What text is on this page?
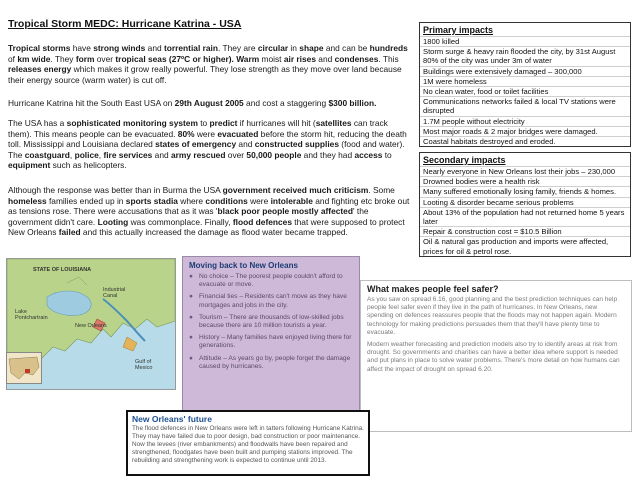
Tropical Storm MEDC: Hurricane Katrina - USA
Tropical storms have strong winds and torrential rain. They are circular in shape and can be hundreds of km wide. They form over tropical seas (27ºC or higher). Warm moist air rises and condenses. This releases energy which makes it grow really powerful. They lose strength as they move over land because their energy source (warm water) is cut off.
Hurricane Katrina hit the South East USA on 29th August 2005 and cost a staggering $300 billion.
The USA has a sophisticated monitoring system to predict if hurricanes will hit (satellites can track them). This means people can be evacuated. 80% were evacuated before the storm hit, reducing the death toll. Mississippi and Louisiana declared states of emergency and constructed supplies (food and water). The coastguard, police, fire services and army rescued over 50,000 people and they had access to equipment such as helicopters.
Although the response was better than in Burma the USA government received much criticism. Some homeless families ended up in sports stadia where conditions were intolerable and fighting etc broke out as tensions rose. There were accusations that as it was 'black poor people mostly affected' the government didn't care. Looting was commonplace. Finally, flood defences that were supposed to protect New Orleans failed and this actually increased the damage as flood water became trapped.
Primary impacts
1800 killed
Storm surge & heavy rain flooded the city, by 31st August 80% of the city was under 3m of water
Buildings were extensively damaged – 300,000
1M were homeless
No clean water, food or toilet facilities
Communications networks failed & local TV stations were disrupted
1.7M people without electricity
Most major roads & 2 major bridges were damaged.
Coastal habitats destroyed and eroded.
Secondary impacts
Nearly everyone in New Orleans lost their jobs – 230,000
Drowned bodies were a health risk
Many suffered emotionally losing family, friends & homes.
Looting & disorder became serious problems
About 13% of the population had not returned home 5 years later
Repair & construction cost = $10.5 Billion
Oil & natural gas production and imports were affected, prices for oil & petrol rose.
STATE OF LOUISIANA
Lake Pontchartrain
Industrial Canal
New Orleans
Gulf of Mexico
Moving back to New Orleans
● No choice – The poorest people couldn't afford to evacuate or move.
● Financial ties – Residents can't move as they have mortgages and jobs in the city.
● Tourism – There are thousands of low-skilled jobs because there are 10 million tourists a year.
● History – Many families have enjoyed living there for generations.
● Attitude – As years go by, people forget the damage caused by hurricanes.
What makes people feel safer?

As you saw on spread 6.16, good planning and the best prediction techniques can help people feel safer even if they live in the path of hurricanes. In New Orleans, new spending on defences reassures people that the floods may not happen again. Modern technology for making predictions persuades them that they'll have plenty time to evacuate.

Modern weather forecasting and prediction models also try to identify areas at risk from drought. So governments and charities can have a better idea where support is needed and put plans in place to solve water problems. There's more detail on how humans can affect the impact of drought on spread 6.20.

New Orleans' future

The flood defences in New Orleans were left in tatters following Hurricane Katrina. They may have failed due to poor design, bad construction or poor maintenance. Now the levees (river embankments) and floodwalls have been repaired and strengthened, floodgates have been built and pumping stations improved. The rebuilding and strengthening work is expected to continue until 2013.
